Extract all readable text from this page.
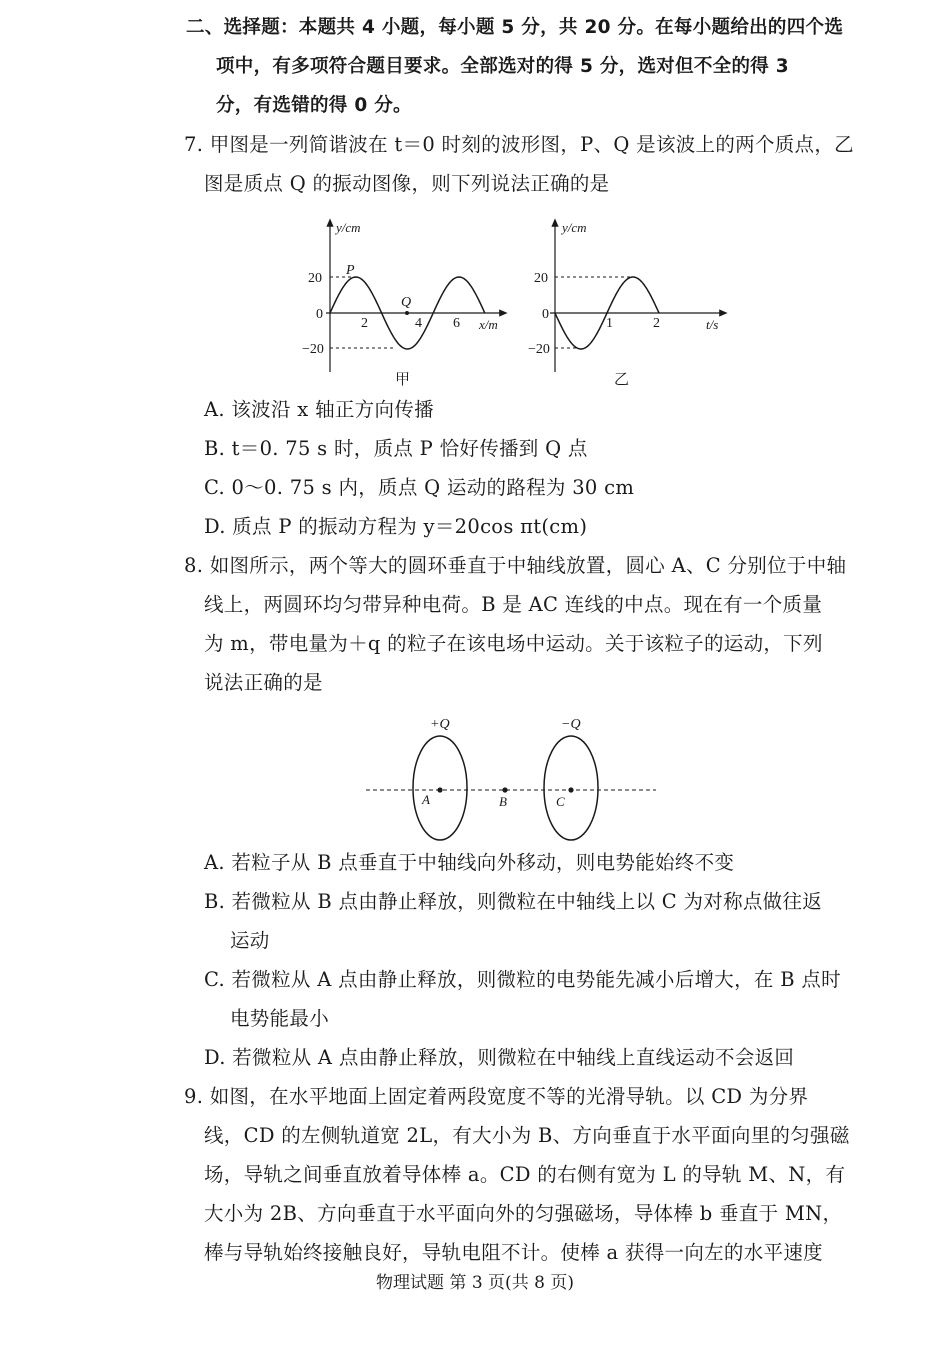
二、选择题：本题共 4 小题，每小题 5 分，共 20 分。在每小题给出的四个选
项中，有多项符合题目要求。全部选对的得 5 分，选对但不全的得 3
分，有选错的得 0 分。
7. 甲图是一列简谐波在 t＝0 时刻的波形图，P、Q 是该波上的两个质点，乙
图是质点 Q 的振动图像，则下列说法正确的是
y/cm
20
0
−20
2	4 6 x/m
P
Q
甲
y/cm
20
0
−20
1	2	t/s
乙
A. 该波沿 x 轴正方向传播
B. t＝0. 75 s 时，质点 P 恰好传播到 Q 点
C. 0～0. 75 s 内，质点 Q 运动的路程为 30 cm
D. 质点 P 的振动方程为 y＝20cos πt(cm)
8. 如图所示，两个等大的圆环垂直于中轴线放置，圆心 A、C 分别位于中轴
线上，两圆环均匀带异种电荷。B 是 AC 连线的中点。现在有一个质量
为 m，带电量为＋q 的粒子在该电场中运动。关于该粒子的运动，下列
说法正确的是
+Q	−Q
A	B	C
A. 若粒子从 B 点垂直于中轴线向外移动，则电势能始终不变
B. 若微粒从 B 点由静止释放，则微粒在中轴线上以 C 为对称点做往返
运动
C. 若微粒从 A 点由静止释放，则微粒的电势能先减小后增大，在 B 点时
电势能最小
D. 若微粒从 A 点由静止释放，则微粒在中轴线上直线运动不会返回
9. 如图，在水平地面上固定着两段宽度不等的光滑导轨。以 CD 为分界
线，CD 的左侧轨道宽 2L，有大小为 B、方向垂直于水平面向里的匀强磁
场，导轨之间垂直放着导体棒 a。CD 的右侧有宽为 L 的导轨 M、N，有
大小为 2B、方向垂直于水平面向外的匀强磁场，导体棒 b 垂直于 MN，
棒与导轨始终接触良好，导轨电阻不计。使棒 a 获得一向左的水平速度
物理试题 第 3 页(共 8 页)
